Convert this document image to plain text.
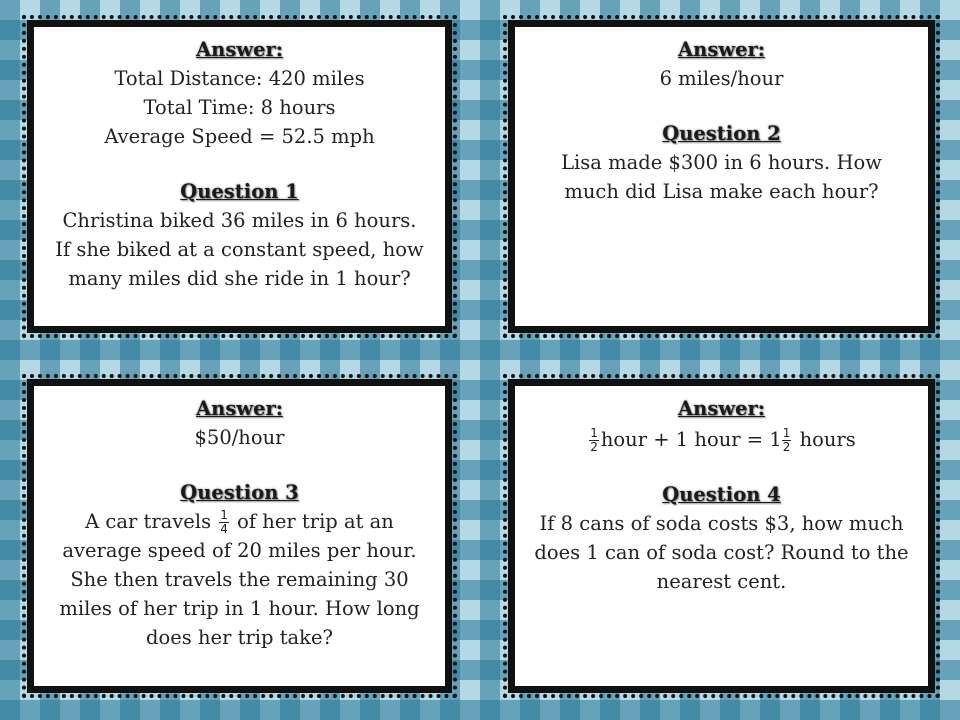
Answer:
Total Distance: 420 miles
Total Time: 8 hours
Average Speed = 52.5 mph
Question 1
Christina biked 36 miles in 6 hours. If she biked at a constant speed, how many miles did she ride in 1 hour?
Answer:
6 miles/hour
Question 2
Lisa made $300 in 6 hours. How much did Lisa make each hour?
Answer:
$50/hour
Question 3
A car travels $\frac{1}{4}$ of her trip at an average speed of 20 miles per hour. She then travels the remaining 30 miles of her trip in 1 hour. How long does her trip take?
Answer:
$\frac{1}{2}$ hour + 1 hour = $1 \frac{1}{2}$ hours
Question 4
If 8 cans of soda costs $3, how much does 1 can of soda cost? Round to the nearest cent.
